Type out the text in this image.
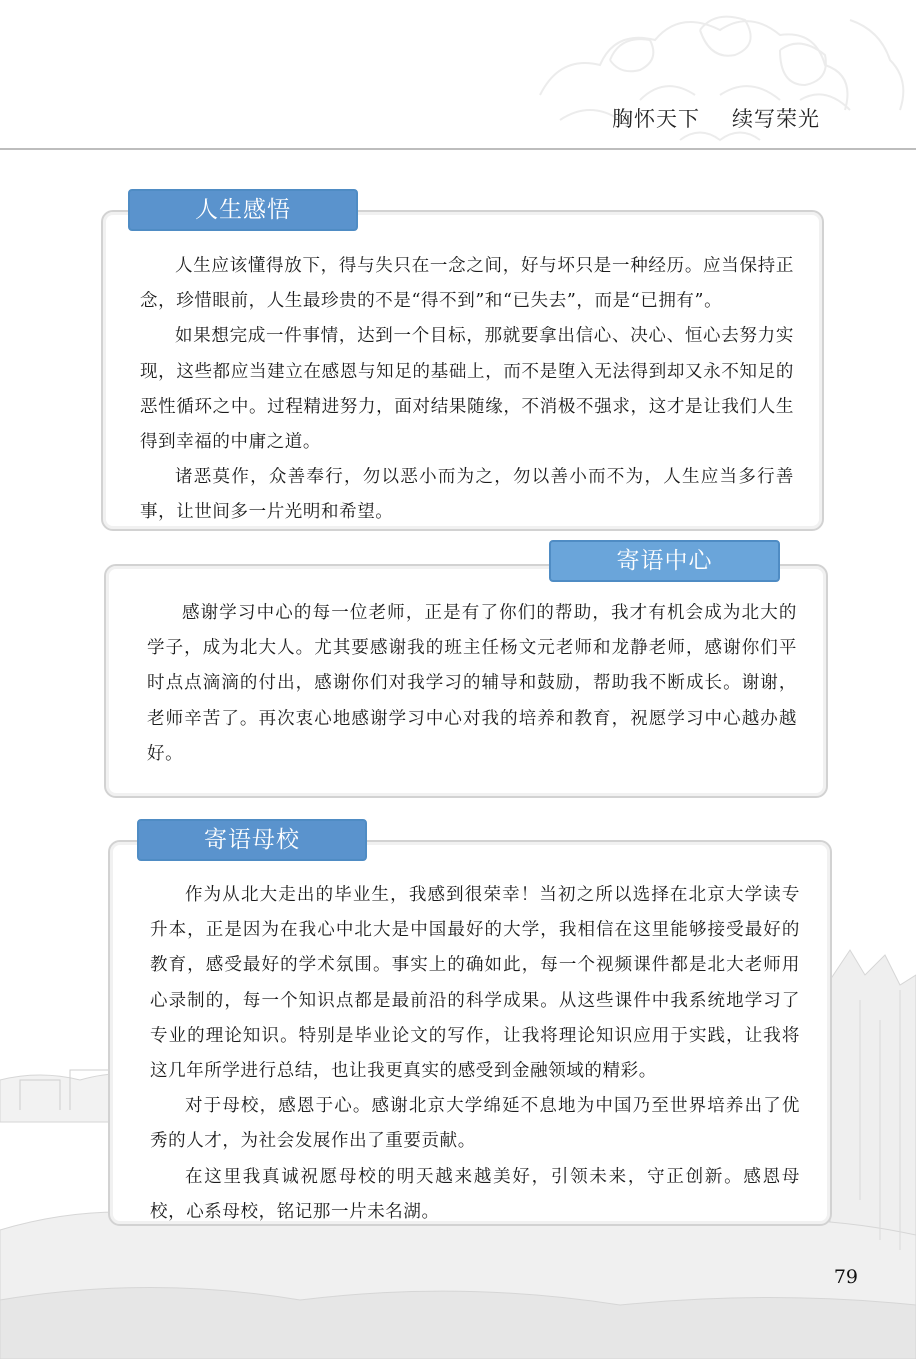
胸怀天下 续写荣光
人生感悟

人生应该懂得放下，得与失只在一念之间，好与坏只是一种经历。应当保持正念，珍惜眼前，人生最珍贵的不是“得不到”和“已失去”，而是“已拥有”。

如果想完成一件事情，达到一个目标，那就要拿出信心、决心、恒心去努力实现，这些都应当建立在感恩与知足的基础上，而不是堕入无法得到却又永不知足的恶性循环之中。过程精进努力，面对结果随缘，不消极不强求，这才是让我们人生得到幸福的中庸之道。

诸恶莫作，众善奉行，勿以恶小而为之，勿以善小而不为，人生应当多行善事，让世间多一片光明和希望。

寄语中心

感谢学习中心的每一位老师，正是有了你们的帮助，我才有机会成为北大的学子，成为北大人。尤其要感谢我的班主任杨文元老师和龙静老师，感谢你们平时点点滴滴的付出，感谢你们对我学习的辅导和鼓励，帮助我不断成长。谢谢，老师辛苦了。再次衷心地感谢学习中心对我的培养和教育，祝愿学习中心越办越好。

寄语母校

作为从北大走出的毕业生，我感到很荣幸！当初之所以选择在北京大学读专升本，正是因为在我心中北大是中国最好的大学，我相信在这里能够接受最好的教育，感受最好的学术氛围。事实上的确如此，每一个视频课件都是北大老师用心录制的，每一个知识点都是最前沿的科学成果。从这些课件中我系统地学习了专业的理论知识。特别是毕业论文的写作，让我将理论知识应用于实践，让我将这几年所学进行总结，也让我更真实的感受到金融领域的精彩。

对于母校，感恩于心。感谢北京大学绵延不息地为中国乃至世界培养出了优秀的人才，为社会发展作出了重要贡献。

在这里我真诚祝愿母校的明天越来越美好，引领未来，守正创新。感恩母校，心系母校，铭记那一片未名湖。

79
